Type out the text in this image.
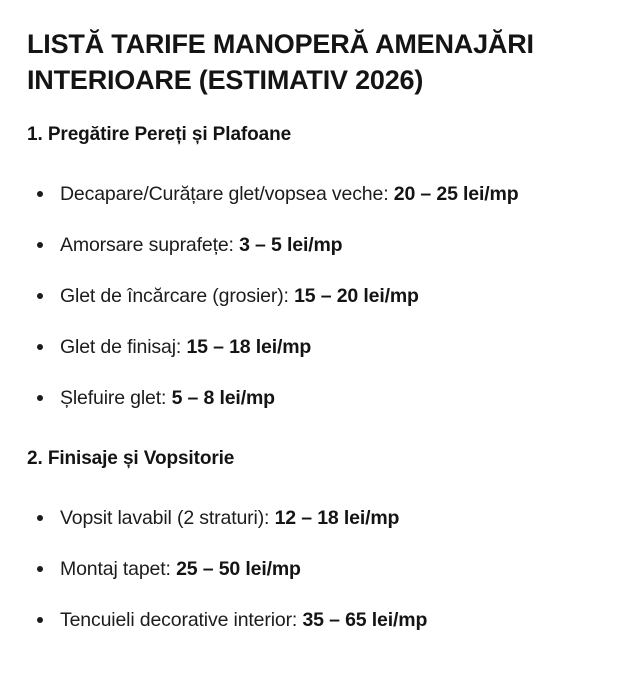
LISTĂ TARIFE MANOPERĂ AMENAJĂRI INTERIOARE (ESTIMATIV 2026)
1. Pregătire Pereți și Plafoane
Decapare/Curățare glet/vopsea veche: 20 – 25 lei/mp
Amorsare suprafețe: 3 – 5 lei/mp
Glet de încărcare (grosier): 15 – 20 lei/mp
Glet de finisaj: 15 – 18 lei/mp
Șlefuire glet: 5 – 8 lei/mp
2. Finisaje și Vopsitorie
Vopsit lavabil (2 straturi): 12 – 18 lei/mp
Montaj tapet: 25 – 50 lei/mp
Tencuieli decorative interior: 35 – 65 lei/mp
